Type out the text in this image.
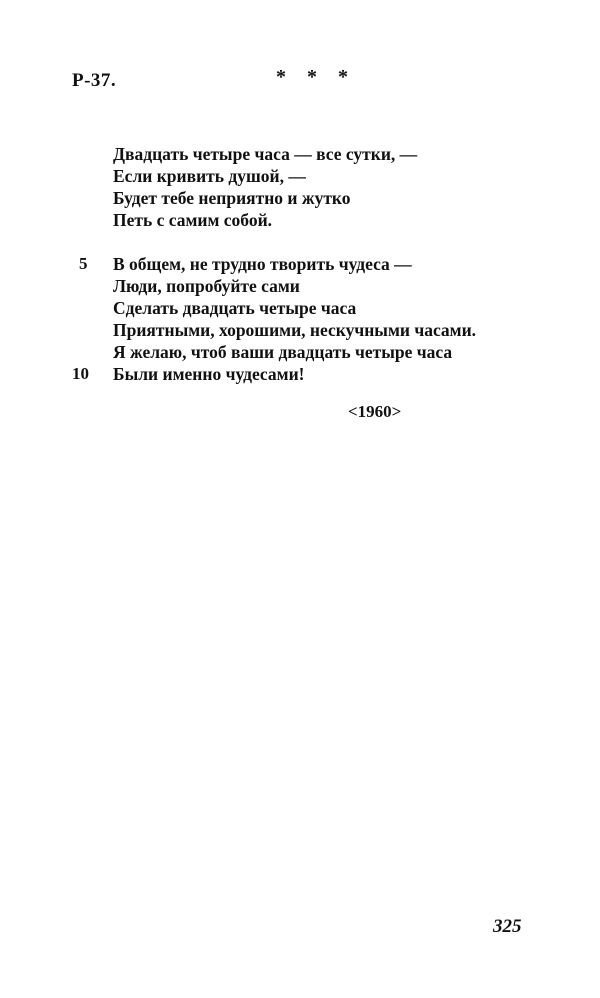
Р-37.	* * *
Двадцать четыре часа — все сутки, —
Если кривить душой, —
Будет тебе неприятно и жутко
Петь с самим собой.
5	В общем, не трудно творить чудеса —
Люди, попробуйте сами
Сделать двадцать четыре часа
Приятными, хорошими, нескучными часами.
Я желаю, чтоб ваши двадцать четыре часа
10	Были именно чудесами!
<1960>
325
